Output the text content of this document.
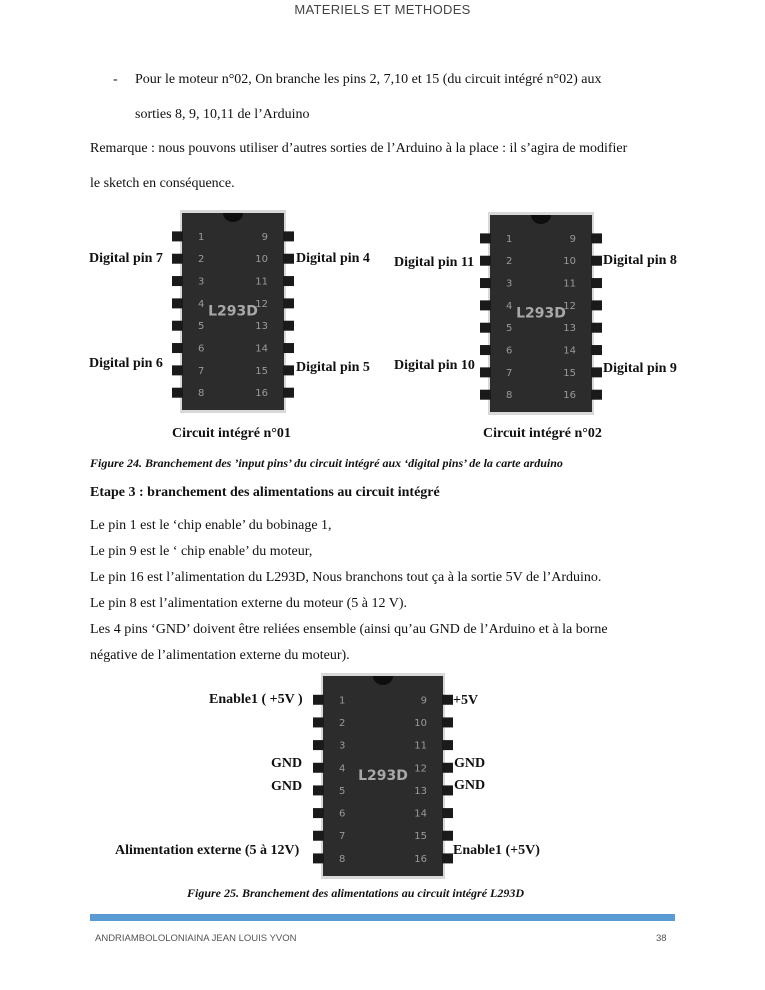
MATERIELS ET METHODES
- Pour le moteur n°02, On branche les pins 2, 7,10 et 15 (du circuit intégré n°02) aux
sorties 8, 9, 10,11 de l’Arduino
Remarque : nous pouvons utiliser d’autres sorties de l’Arduino à la place : il s’agira de modifier
le sketch en conséquence.
1	9
2	10
3	11
4	12
5	13
6	14
7	15
8	16
L293D
1	9
2	10
3	11
4	12
5	13
6	14
7	15
8	16
L293D
Digital pin 7
Digital pin 6
Digital pin 4
Digital pin 5
Circuit intégré n°01
Digital pin 11
Digital pin 10
Digital pin 8
Digital pin 9
Circuit intégré n°02
Figure 24. Branchement des ’input pins’ du circuit intégré aux ‘digital pins’ de la carte arduino
Etape 3 : branchement des alimentations au circuit intégré
Le pin 1 est le ‘chip enable’ du bobinage 1,
Le pin 9 est le ‘ chip enable’ du moteur,
Le pin 16 est l’alimentation du L293D, Nous branchons tout ça à la sortie 5V de l’Arduino.
Le pin 8 est l’alimentation externe du moteur (5 à 12 V).
Les 4 pins ‘GND’ doivent être reliées ensemble (ainsi qu’au GND de l’Arduino et à la borne
négative de l’alimentation externe du moteur).
1	9
2	10
3	11
4	12
5	13
6	14
7	15
8	16
L293D
Enable1 ( +5V )	+5V
GND
GND
GND
GND
Alimentation externe (5 à 12V)	Enable1 (+5V)
Figure 25. Branchement des alimentations au circuit intégré L293D
ANDRIAMBOLOLONIAINA JEAN LOUIS YVON	38
